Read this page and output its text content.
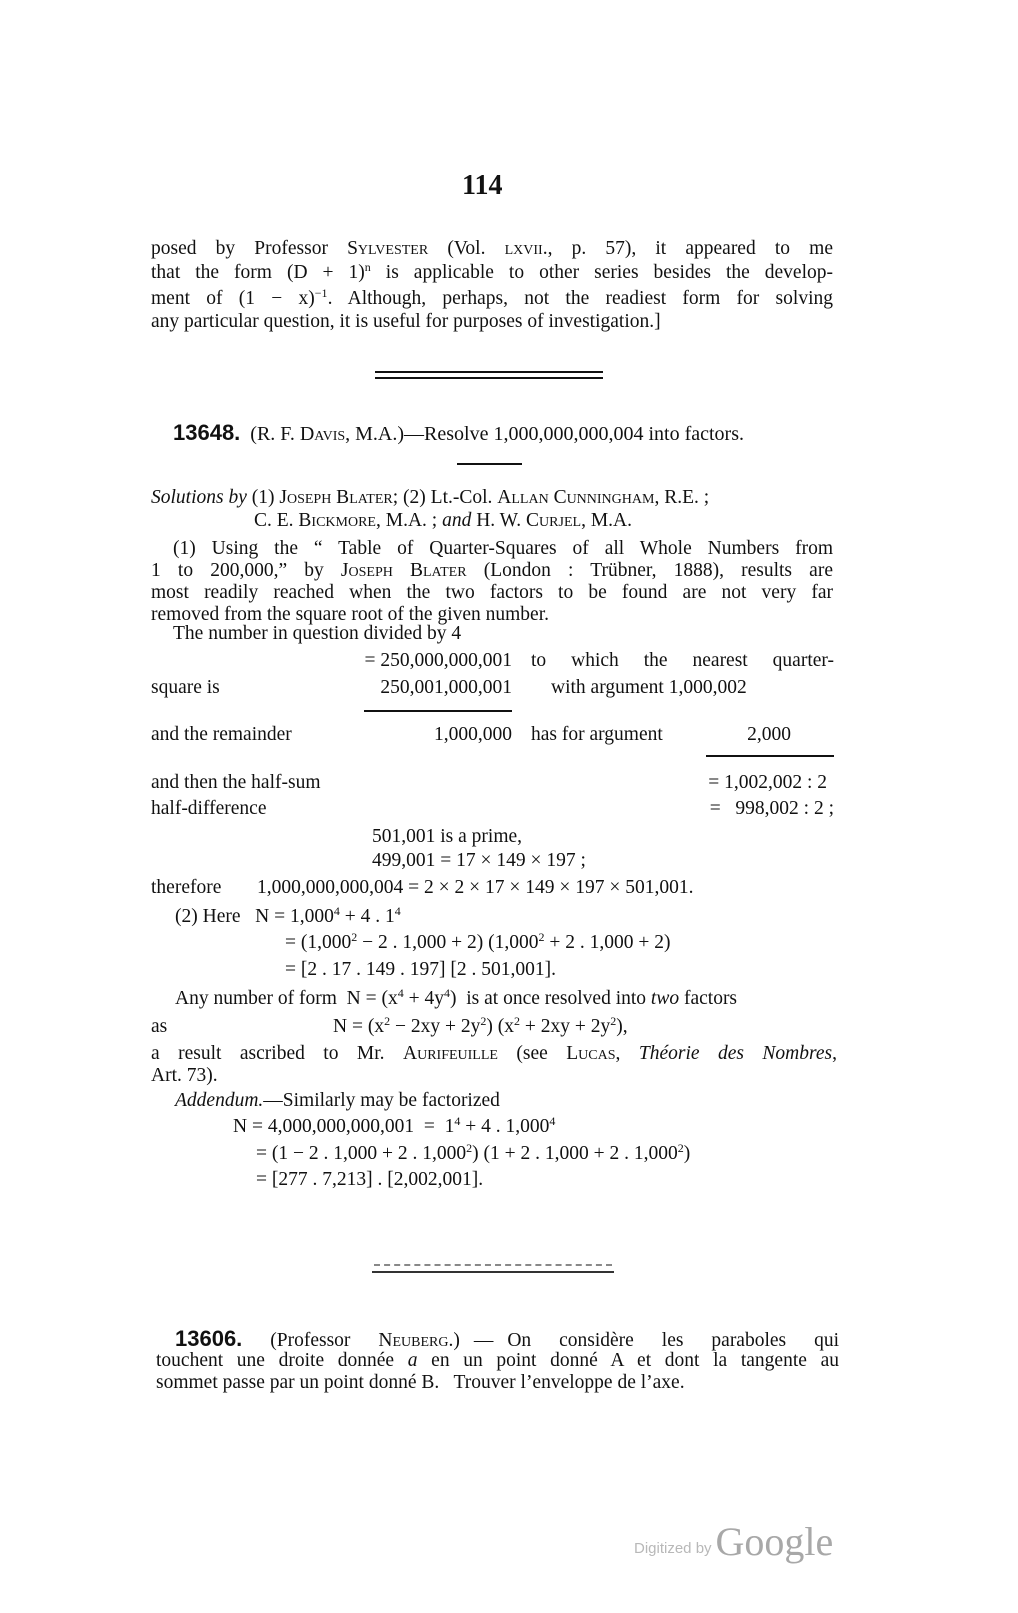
114
posed by Professor Sylvester (Vol. lxvii., p. 57), it appeared to me
that the form $(D + 1)^n$ is applicable to other series besides the develop-
ment of $(1 - x)^{-1}$. Although, perhaps, not the readiest form for solving
any particular question, it is useful for purposes of investigation.]
13648. (R. F. Davis, M.A.)—Resolve 1,000,000,000,004 into factors.
Solutions by (1) Joseph Blater; (2) Lt.-Col. Allan Cunningham, R.E. ;
C. E. Bickmore, M.A. ; and H. W. Curjel, M.A.
(1) Using the “ Table of Quarter-Squares of all Whole Numbers from
1 to 200,000,” by Joseph Blater (London : Trübner, 1888), results are
most readily reached when the two factors to be found are not very far
removed from the square root of the given number.
The number in question divided by 4
= 250,000,000,001 to which the nearest quarter-
square is	250,001,000,001 with argument 1,000,002
and the remainder	1,000,000 has for argument	2,000
and then the half-sum	= 1,002,002 : 2
half-difference	=   998,002 : 2 ;
501,001 is a prime,
499,001 = 17 × 149 × 197 ;
therefore 1,000,000,000,004 = 2 × 2 × 17 × 149 × 197 × 501,001.
(2) Here   $N = 1,000^4 + 4$ . $1^4$
= ($1,000^2 - 2$ . 1,000 + 2) ($1,000^2 + 2$ . 1,000 + 2)
= [2 . 17 . 149 . 197] [2 . 501,001].
Any number of form  $N = (x^4 + 4y^4)$  is at once resolved into two factors
as	$N = (x^2 - 2xy + 2y^2) (x^2 + 2xy + 2y^2)$,
a result ascribed to Mr. Aurifeuille (see Lucas, Théorie des Nombres,
Art. 73).
Addendum.—Similarly may be factorized
$N = 4,000,000,000,001 = 1^4 + 4$ . $1,000^4$
= (1 − 2 . 1,000 + 2 . 1,000$^2$) (1 + 2 . 1,000 + 2 . $1,000^2$)
= [277 . 7,213] . [2,002,001].
13606. (Professor  Neuberg.) — On  considère  les  paraboles  qui
touchent une droite donnée a en un point donné A et dont la tangente au
sommet passe par un point donné B.   Trouver l’enveloppe de l’axe.
Digitized by Google
